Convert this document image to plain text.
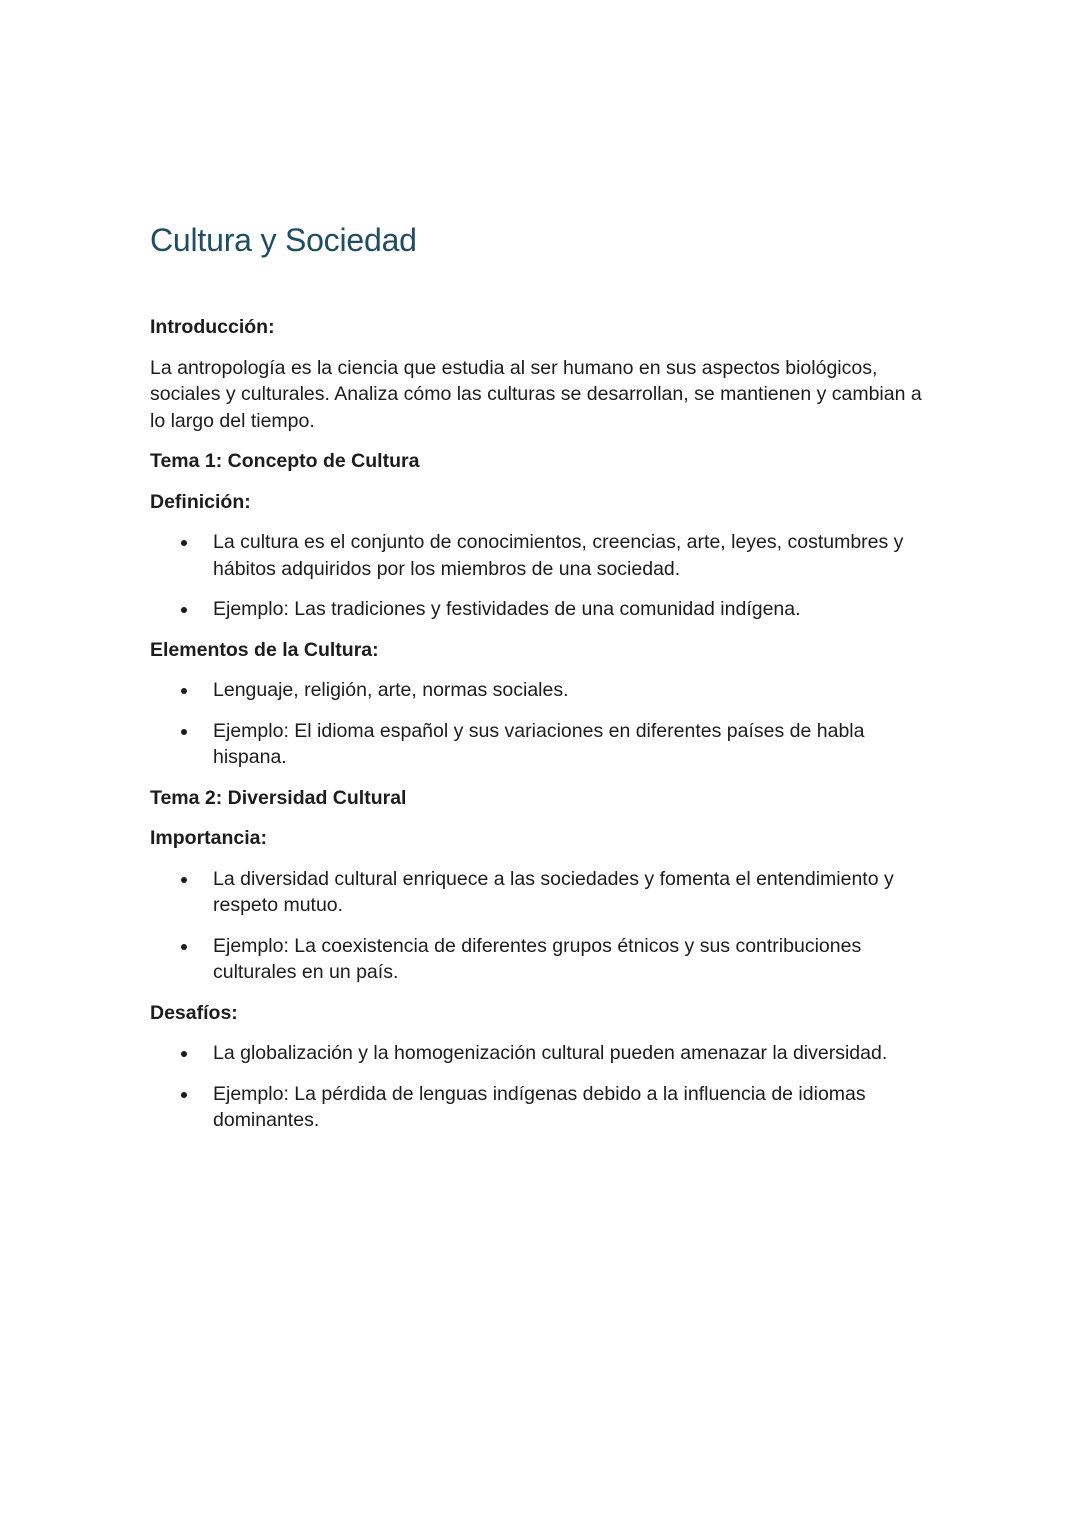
Cultura y Sociedad

Introducción:

La antropología es la ciencia que estudia al ser humano en sus aspectos biológicos, sociales y culturales. Analiza cómo las culturas se desarrollan, se mantienen y cambian a lo largo del tiempo.

Tema 1: Concepto de Cultura

Definición:

La cultura es el conjunto de conocimientos, creencias, arte, leyes, costumbres y hábitos adquiridos por los miembros de una sociedad.
Ejemplo: Las tradiciones y festividades de una comunidad indígena.

Elementos de la Cultura:

Lenguaje, religión, arte, normas sociales.
Ejemplo: El idioma español y sus variaciones en diferentes países de habla hispana.

Tema 2: Diversidad Cultural

Importancia:

La diversidad cultural enriquece a las sociedades y fomenta el entendimiento y respeto mutuo.
Ejemplo: La coexistencia de diferentes grupos étnicos y sus contribuciones culturales en un país.

Desafíos:

La globalización y la homogenización cultural pueden amenazar la diversidad.
Ejemplo: La pérdida de lenguas indígenas debido a la influencia de idiomas dominantes.
